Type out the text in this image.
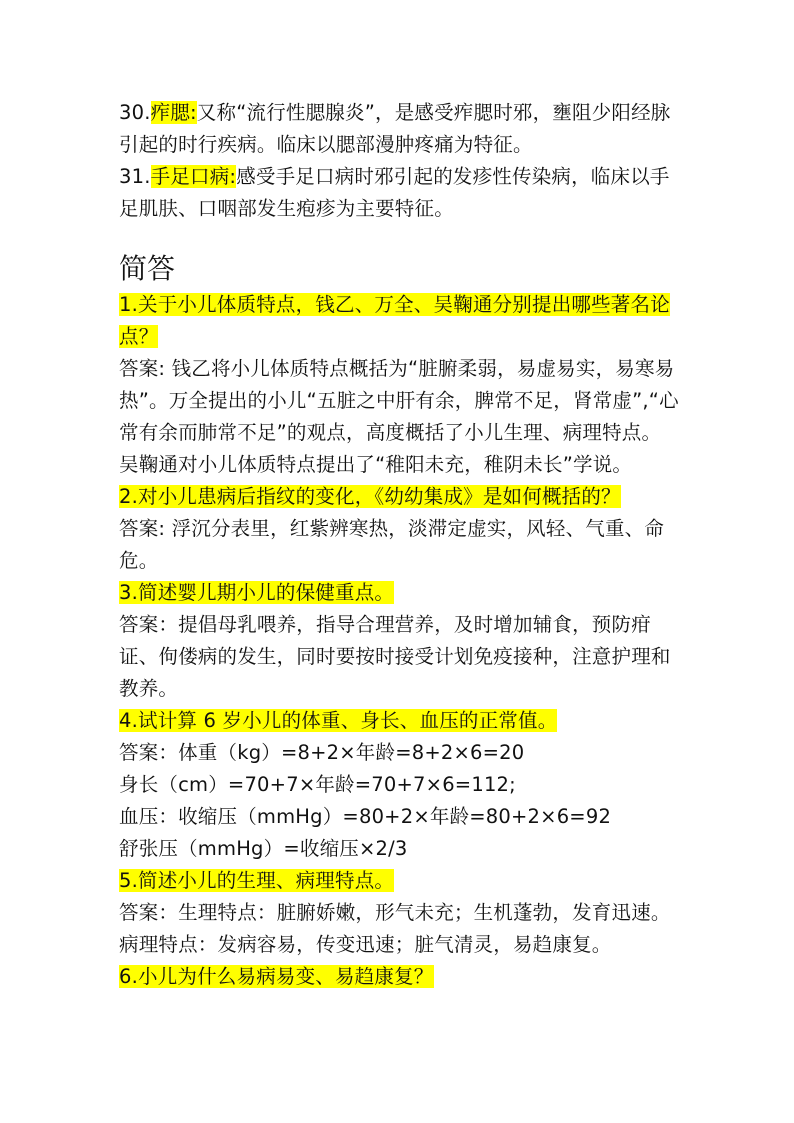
30.痄腮:又称“流行性腮腺炎”，是感受痄腮时邪，壅阻少阳经脉引起的时行疾病。临床以腮部漫肿疼痛为特征。

31.手足口病:感受手足口病时邪引起的发疹性传染病，临床以手足肌肤、口咽部发生疱疹为主要特征。

简答

1.关于小儿体质特点，钱乙、万全、吴鞠通分别提出哪些著名论点？

答案: 钱乙将小儿体质特点概括为“脏腑柔弱，易虚易实，易寒易热”。万全提出的小儿“五脏之中肝有余，脾常不足，肾常虚”,“心常有余而肺常不足”的观点，高度概括了小儿生理、病理特点。吴鞠通对小儿体质特点提出了“稚阳未充，稚阴未长”学说。

2.对小儿患病后指纹的变化，《幼幼集成》是如何概括的？

答案: 浮沉分表里，红紫辨寒热，淡滞定虚实，风轻、气重、命危。

3.简述婴儿期小儿的保健重点。

答案：提倡母乳喂养，指导合理营养，及时增加辅食，预防疳证、佝偻病的发生，同时要按时接受计划免疫接种，注意护理和教养。

4.试计算 6 岁小儿的体重、身长、血压的正常值。

答案：体重（kg）=8+2×年龄=8+2×6=20

身长（cm）=70+7×年龄=70+7×6=112;

血压：收缩压（mmHg）=80+2×年龄=80+2×6=92

舒张压（mmHg）=收缩压×2/3

5.简述小儿的生理、病理特点。

答案：生理特点：脏腑娇嫩，形气未充；生机蓬勃，发育迅速。病理特点：发病容易，传变迅速；脏气清灵，易趋康复。

6.小儿为什么易病易变、易趋康复？
